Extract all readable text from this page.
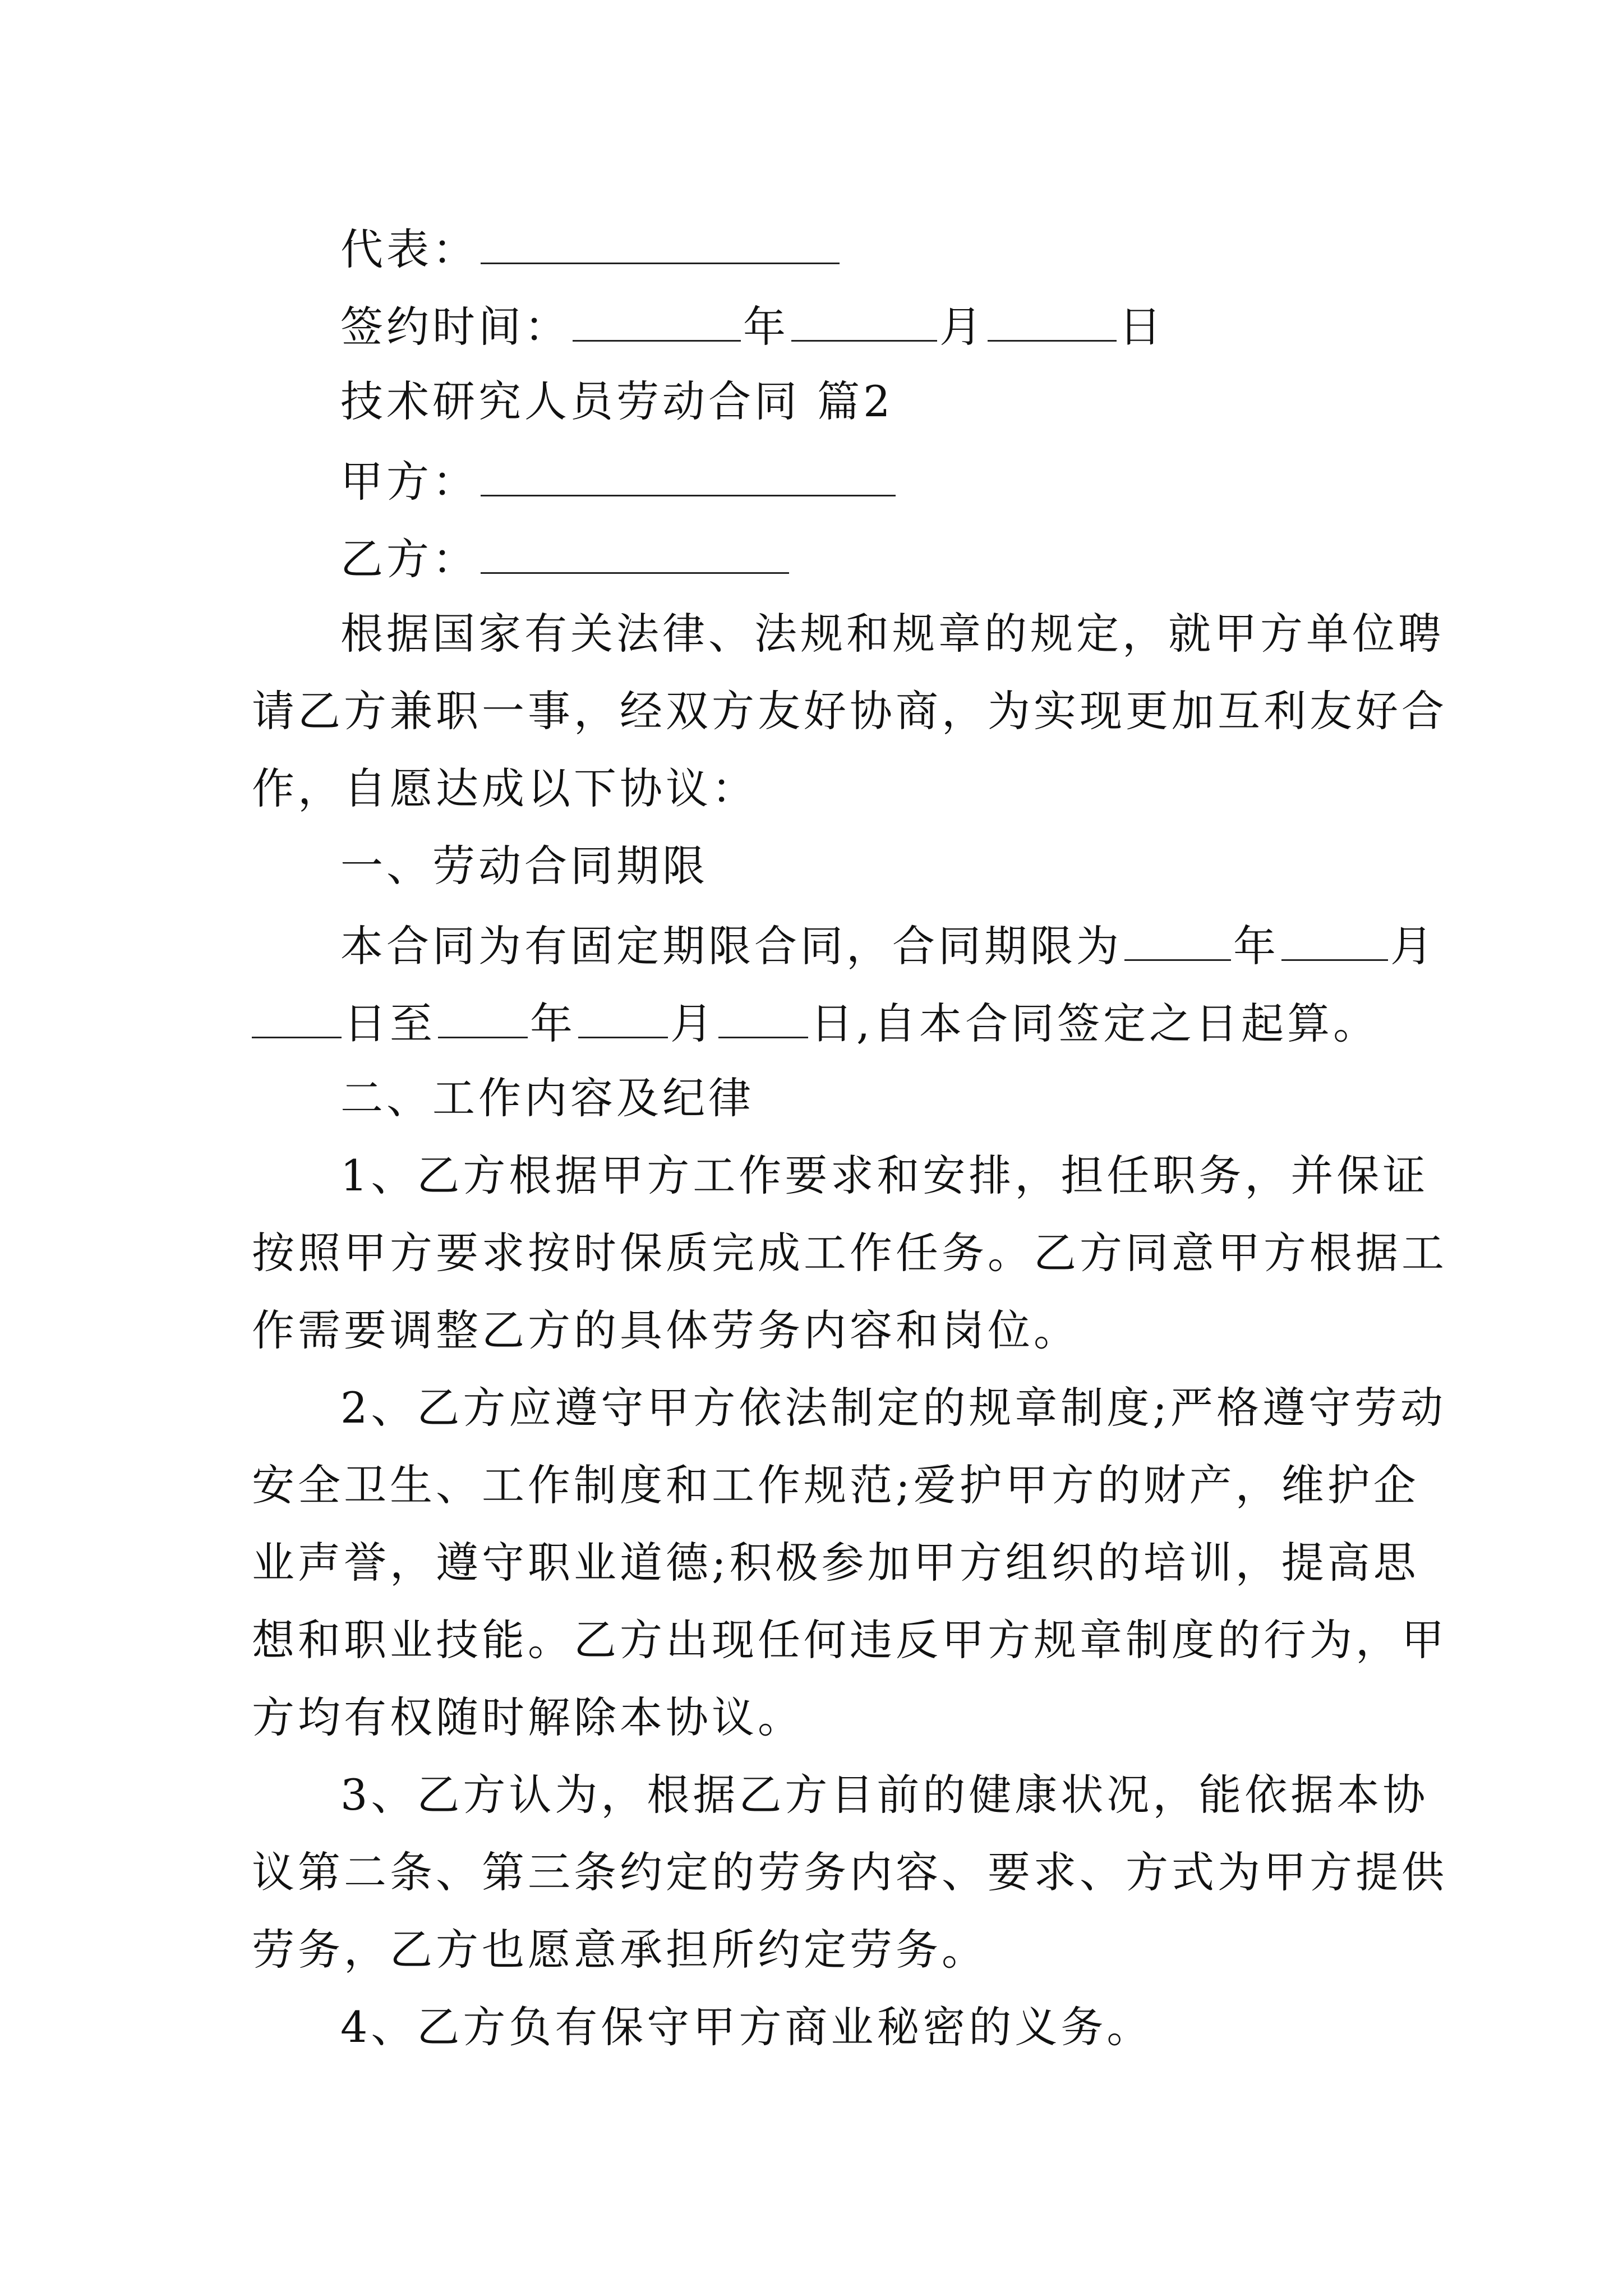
代表：
签约时间：	年	月	日
技术研究人员劳动合同 篇2
甲方：
乙方：
根据国家有关法律、法规和规章的规定，就甲方单位聘
请乙方兼职一事，经双方友好协商，为实现更加互利友好合
作，自愿达成以下协议：
一、劳动合同期限
本合同为有固定期限合同，合同期限为	年	月
日至 年 月 日,自本合同签定之日起算。
二、工作内容及纪律
1、乙方根据甲方工作要求和安排，担任职务，并保证
按照甲方要求按时保质完成工作任务。乙方同意甲方根据工
作需要调整乙方的具体劳务内容和岗位。
2、乙方应遵守甲方依法制定的规章制度;严格遵守劳动
安全卫生、工作制度和工作规范;爱护甲方的财产，维护企
业声誉，遵守职业道德;积极参加甲方组织的培训，提高思
想和职业技能。乙方出现任何违反甲方规章制度的行为，甲
方均有权随时解除本协议。
3、乙方认为，根据乙方目前的健康状况，能依据本协
议第二条、第三条约定的劳务内容、要求、方式为甲方提供
劳务，乙方也愿意承担所约定劳务。
4、乙方负有保守甲方商业秘密的义务。
